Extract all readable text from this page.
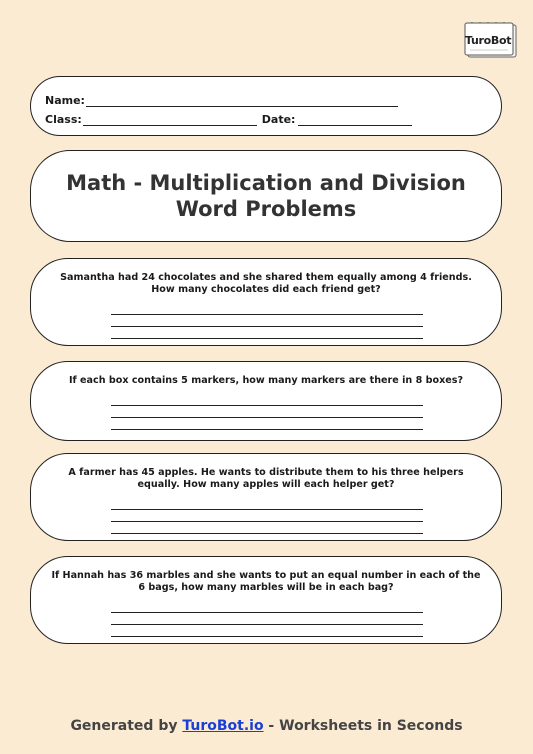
TuroBot
Name:
Class:	Date:
Math - Multiplication and Division Word Problems
Samantha had 24 chocolates and she shared them equally among 4 friends. How many chocolates did each friend get?
If each box contains 5 markers, how many markers are there in 8 boxes?
A farmer has 45 apples. He wants to distribute them to his three helpers equally. How many apples will each helper get?
If Hannah has 36 marbles and she wants to put an equal number in each of the 6 bags, how many marbles will be in each bag?
Generated by TuroBot.io - Worksheets in Seconds
